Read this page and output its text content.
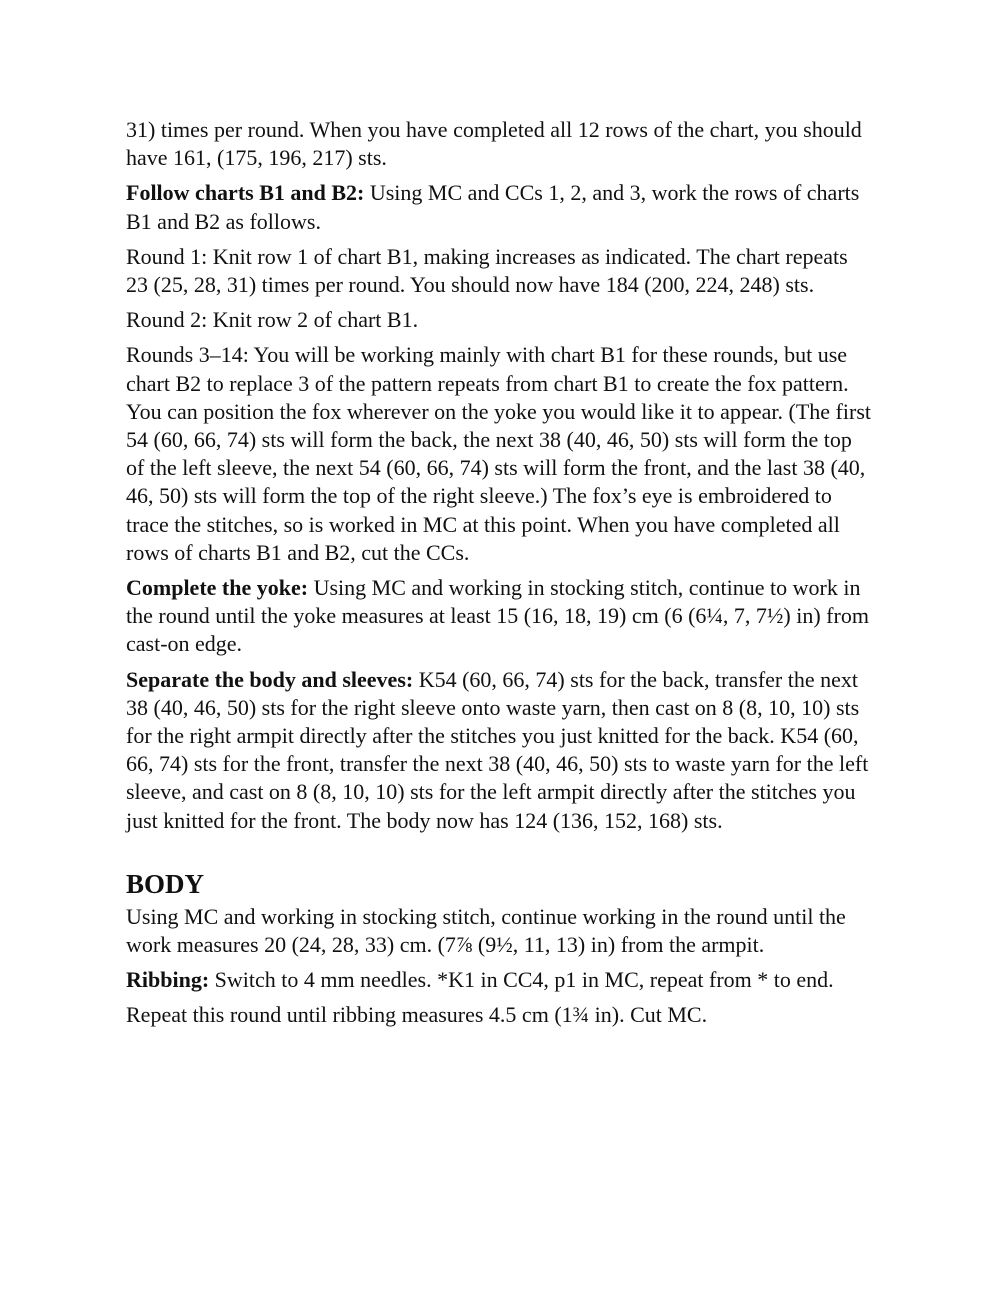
31) times per round. When you have completed all 12 rows of the chart, you should have 161, (175, 196, 217) sts.

Follow charts B1 and B2: Using MC and CCs 1, 2, and 3, work the rows of charts B1 and B2 as follows.

Round 1: Knit row 1 of chart B1, making increases as indicated. The chart repeats 23 (25, 28, 31) times per round. You should now have 184 (200, 224, 248) sts.

Round 2: Knit row 2 of chart B1.

Rounds 3–14: You will be working mainly with chart B1 for these rounds, but use chart B2 to replace 3 of the pattern repeats from chart B1 to create the fox pattern. You can position the fox wherever on the yoke you would like it to appear. (The first 54 (60, 66, 74) sts will form the back, the next 38 (40, 46, 50) sts will form the top of the left sleeve, the next 54 (60, 66, 74) sts will form the front, and the last 38 (40, 46, 50) sts will form the top of the right sleeve.) The fox’s eye is embroidered to trace the stitches, so is worked in MC at this point. When you have completed all rows of charts B1 and B2, cut the CCs.

Complete the yoke: Using MC and working in stocking stitch, continue to work in the round until the yoke measures at least 15 (16, 18, 19) cm (6 (6¼, 7, 7½) in) from cast-on edge.

Separate the body and sleeves: K54 (60, 66, 74) sts for the back, transfer the next 38 (40, 46, 50) sts for the right sleeve onto waste yarn, then cast on 8 (8, 10, 10) sts for the right armpit directly after the stitches you just knitted for the back. K54 (60, 66, 74) sts for the front, transfer the next 38 (40, 46, 50) sts to waste yarn for the left sleeve, and cast on 8 (8, 10, 10) sts for the left armpit directly after the stitches you just knitted for the front. The body now has 124 (136, 152, 168) sts.

BODY

Using MC and working in stocking stitch, continue working in the round until the work measures 20 (24, 28, 33) cm. (7⅞ (9½, 11, 13) in) from the armpit.

Ribbing: Switch to 4 mm needles. *K1 in CC4, p1 in MC, repeat from * to end.

Repeat this round until ribbing measures 4.5 cm (1¾ in). Cut MC.
